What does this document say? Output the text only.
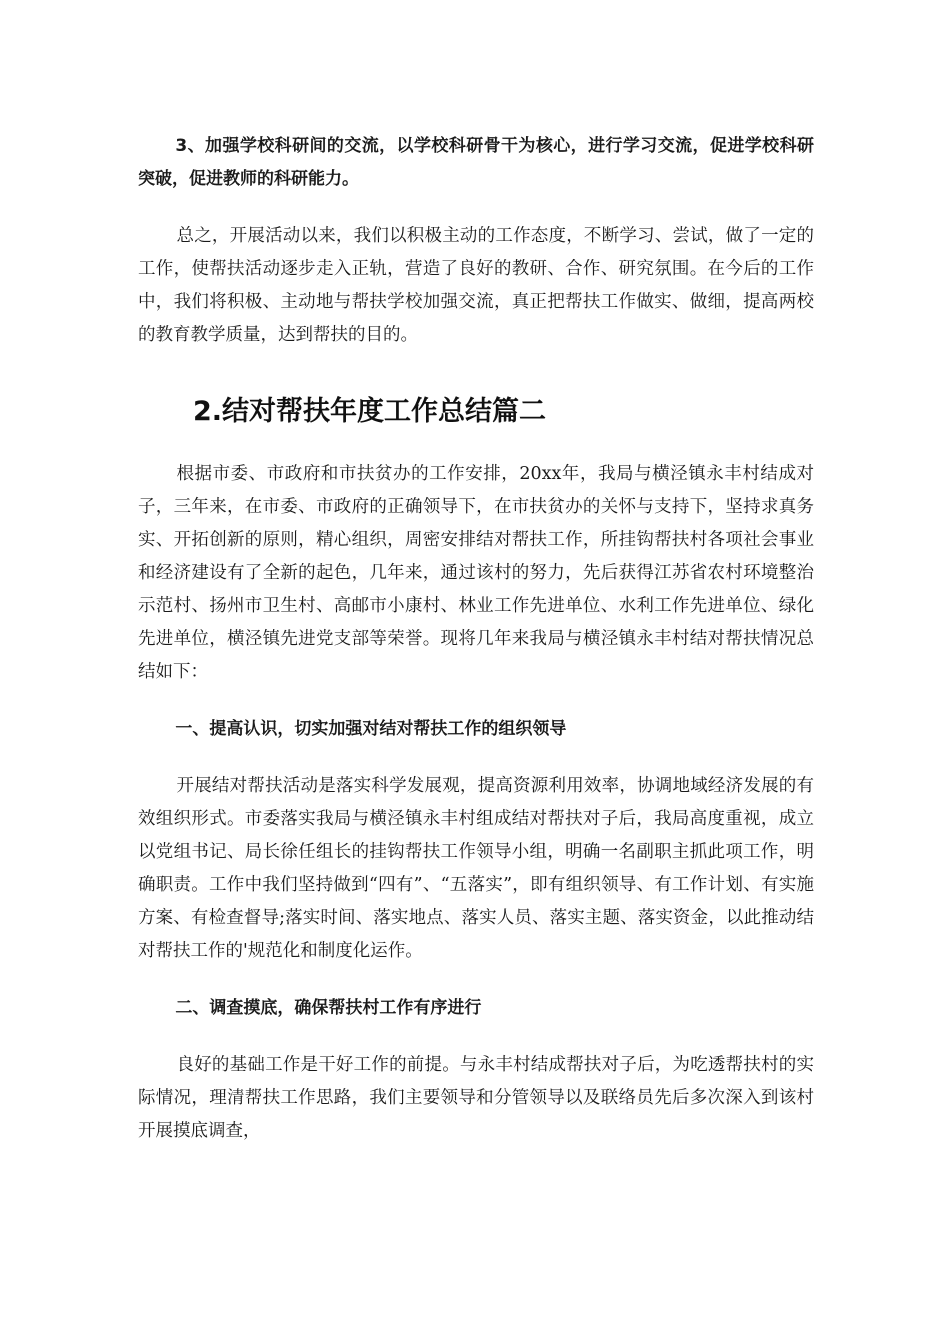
3、加强学校科研间的交流，以学校科研骨干为核心，进行学习交流，促进学校科研突破，促进教师的科研能力。

总之，开展活动以来，我们以积极主动的工作态度，不断学习、尝试，做了一定的工作，使帮扶活动逐步走入正轨，营造了良好的教研、合作、研究氛围。在今后的工作中，我们将积极、主动地与帮扶学校加强交流，真正把帮扶工作做实、做细，提高两校的教育教学质量，达到帮扶的目的。

2.结对帮扶年度工作总结篇二

根据市委、市政府和市扶贫办的工作安排，20xx年，我局与横泾镇永丰村结成对子，三年来，在市委、市政府的正确领导下，在市扶贫办的关怀与支持下，坚持求真务实、开拓创新的原则，精心组织，周密安排结对帮扶工作，所挂钩帮扶村各项社会事业和经济建设有了全新的起色，几年来，通过该村的努力，先后获得江苏省农村环境整治示范村、扬州市卫生村、高邮市小康村、林业工作先进单位、水利工作先进单位、绿化先进单位，横泾镇先进党支部等荣誉。现将几年来我局与横泾镇永丰村结对帮扶情况总结如下：

一、提高认识，切实加强对结对帮扶工作的组织领导

开展结对帮扶活动是落实科学发展观，提高资源利用效率，协调地域经济发展的有效组织形式。市委落实我局与横泾镇永丰村组成结对帮扶对子后，我局高度重视，成立以党组书记、局长徐任组长的挂钩帮扶工作领导小组，明确一名副职主抓此项工作，明确职责。工作中我们坚持做到“四有”、“五落实”，即有组织领导、有工作计划、有实施方案、有检查督导;落实时间、落实地点、落实人员、落实主题、落实资金，以此推动结对帮扶工作的'规范化和制度化运作。

二、调查摸底，确保帮扶村工作有序进行

良好的基础工作是干好工作的前提。与永丰村结成帮扶对子后，为吃透帮扶村的实际情况，理清帮扶工作思路，我们主要领导和分管领导以及联络员先后多次深入到该村开展摸底调查，
